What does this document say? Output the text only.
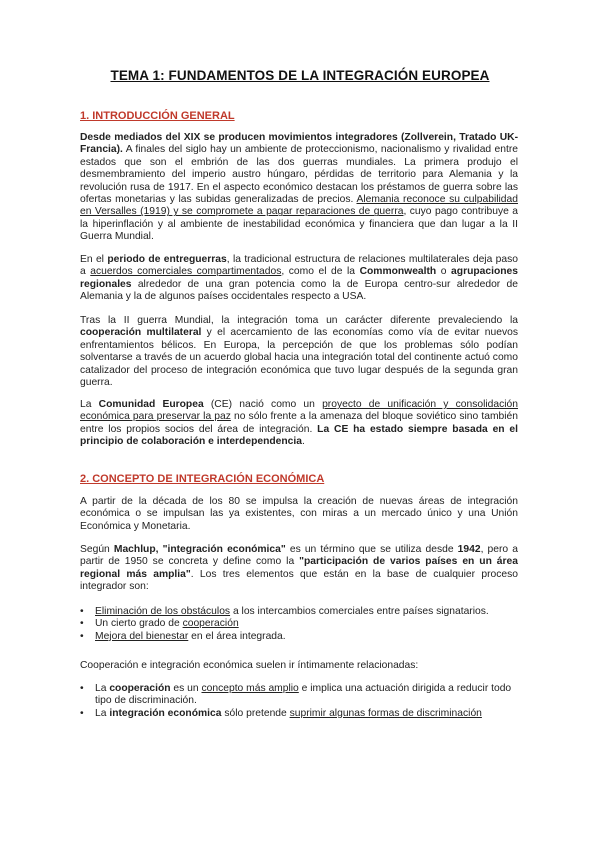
TEMA 1: FUNDAMENTOS DE LA INTEGRACIÓN EUROPEA
1. INTRODUCCIÓN GENERAL

Desde mediados del XIX se producen movimientos integradores (Zollverein, Tratado UK-Francia). A finales del siglo hay un ambiente de proteccionismo, nacionalismo y rivalidad entre estados que son el embrión de las dos guerras mundiales. La primera produjo el desmembramiento del imperio austro húngaro, pérdidas de territorio para Alemania y la revolución rusa de 1917. En el aspecto económico destacan los préstamos de guerra sobre las ofertas monetarias y las subidas generalizadas de precios. Alemania reconoce su culpabilidad en Versalles (1919) y se compromete a pagar reparaciones de guerra, cuyo pago contribuye a la hiperinflación y al ambiente de inestabilidad económica y financiera que dan lugar a la II Guerra Mundial.

En el periodo de entreguerras, la tradicional estructura de relaciones multilaterales deja paso a acuerdos comerciales compartimentados, como el de la Commonwealth o agrupaciones regionales alrededor de una gran potencia como la de Europa centro-sur alrededor de Alemania y la de algunos países occidentales respecto a USA.

Tras la II guerra Mundial, la integración toma un carácter diferente prevaleciendo la cooperación multilateral y el acercamiento de las economías como vía de evitar nuevos enfrentamientos bélicos. En Europa, la percepción de que los problemas sólo podían solventarse a través de un acuerdo global hacia una integración total del continente actuó como catalizador del proceso de integración económica que tuvo lugar después de la segunda gran guerra.

La Comunidad Europea (CE) nació como un proyecto de unificación y consolidación económica para preservar la paz no sólo frente a la amenaza del bloque soviético sino también entre los propios socios del área de integración. La CE ha estado siempre basada en el principio de colaboración e interdependencia.

2. CONCEPTO DE INTEGRACIÓN ECONÓMICA

A partir de la década de los 80 se impulsa la creación de nuevas áreas de integración económica o se impulsan las ya existentes, con miras a un mercado único y una Unión Económica y Monetaria.

Según Machlup, "integración económica" es un término que se utiliza desde 1942, pero a partir de 1950 se concreta y define como la "participación de varios países en un área regional más amplia". Los tres elementos que están en la base de cualquier proceso integrador son:

• Eliminación de los obstáculos a los intercambios comerciales entre países signatarios.
• Un cierto grado de cooperación
• Mejora del bienestar en el área integrada.

Cooperación e integración económica suelen ir íntimamente relacionadas:

• La cooperación es un concepto más amplio e implica una actuación dirigida a reducir todo tipo de discriminación.
• La integración económica sólo pretende suprimir algunas formas de discriminación
